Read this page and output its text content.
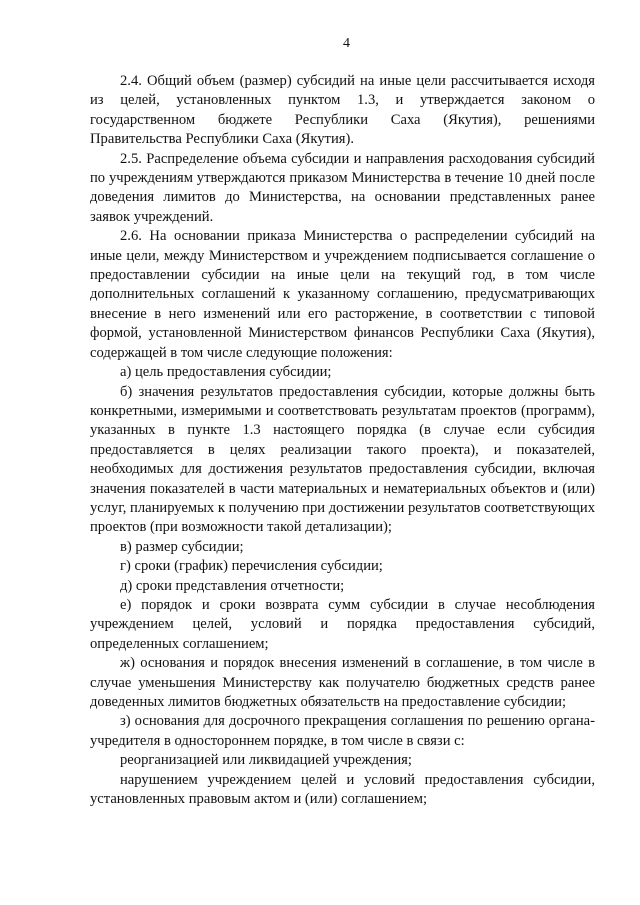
4

2.4. Общий объем (размер) субсидий на иные цели рассчитывается исходя из целей, установленных пунктом 1.3, и утверждается законом о государственном бюджете Республики Саха (Якутия), решениями Правительства Республики Саха (Якутия).

2.5. Распределение объема субсидии и направления расходования субсидий по учреждениям утверждаются приказом Министерства в течение 10 дней после доведения лимитов до Министерства, на основании представленных ранее заявок учреждений.

2.6. На основании приказа Министерства о распределении субсидий на иные цели, между Министерством и учреждением подписывается соглашение о предоставлении субсидии на иные цели на текущий год, в том числе дополнительных соглашений к указанному соглашению, предусматривающих внесение в него изменений или его расторжение, в соответствии с типовой формой, установленной Министерством финансов Республики Саха (Якутия), содержащей в том числе следующие положения:

а) цель предоставления субсидии;

б) значения результатов предоставления субсидии, которые должны быть конкретными, измеримыми и соответствовать результатам проектов (программ), указанных в пункте 1.3 настоящего порядка (в случае если субсидия предоставляется в целях реализации такого проекта), и показателей, необходимых для достижения результатов предоставления субсидии, включая значения показателей в части материальных и нематериальных объектов и (или) услуг, планируемых к получению при достижении результатов соответствующих проектов (при возможности такой детализации);

в) размер субсидии;

г) сроки (график) перечисления субсидии;

д) сроки представления отчетности;

е) порядок и сроки возврата сумм субсидии в случае несоблюдения учреждением целей, условий и порядка предоставления субсидий, определенных соглашением;

ж) основания и порядок внесения изменений в соглашение, в том числе в случае уменьшения Министерству как получателю бюджетных средств ранее доведенных лимитов бюджетных обязательств на предоставление субсидии;

з) основания для досрочного прекращения соглашения по решению органа-учредителя в одностороннем порядке, в том числе в связи с:

реорганизацией или ликвидацией учреждения;

нарушением учреждением целей и условий предоставления субсидии, установленных правовым актом и (или) соглашением;
